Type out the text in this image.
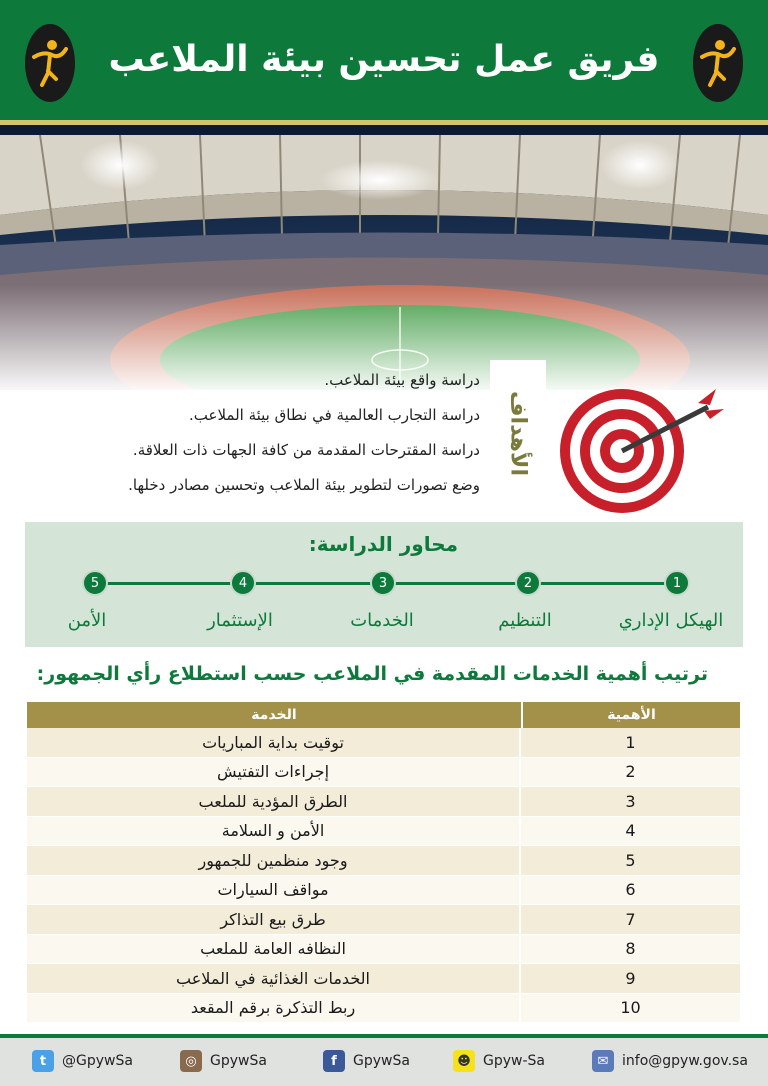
فريق عمل تحسين بيئة الملاعب
دراسة واقع بيئة الملاعب.
دراسة التجارب العالمية في نطاق بيئة الملاعب.
دراسة المقترحات المقدمة من كافة الجهات ذات العلاقة.
وضع تصورات لتطوير بيئة الملاعب وتحسين مصادر دخلها.
الأهداف
محاور الدراسة:
1
2
3
4
5
الهيكل الإداري
التنظيم
الخدمات
الإستثمار
الأمن
ترتيب أهمية الخدمات المقدمة في الملاعب حسب استطلاع رأي الجمهور:
الخدمة	الأهمية
توقيت بداية المباريات	1
إجراءات التفتيش	2
الطرق المؤدية للملعب	3
الأمن و السلامة	4
وجود منظمين للجمهور	5
مواقف السيارات	6
طرق بيع التذاكر	7
النظافه العامة للملعب	8
الخدمات الغذائية في الملاعب	9
ربط التذكرة برقم المقعد	10
t	@GpywSa	◎ GpywSa	f	GpywSa	☻ Gpyw-Sa	✉ info@gpyw.gov.sa
